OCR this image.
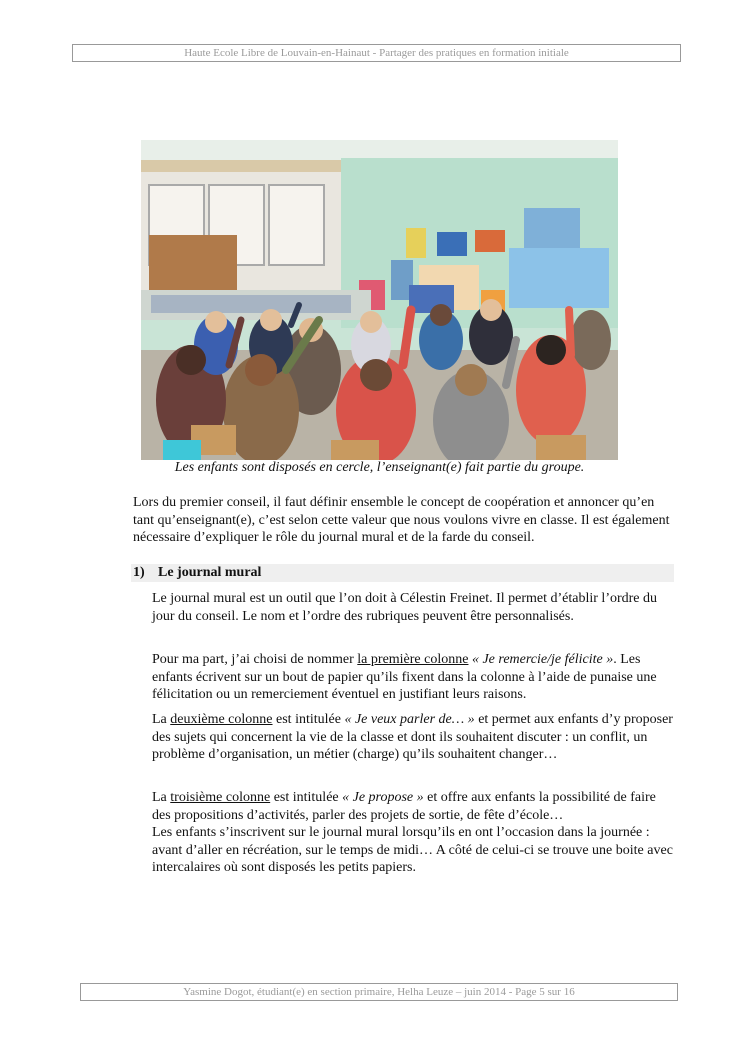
Haute Ecole Libre de Louvain-en-Hainaut - Partager des pratiques en formation initiale
Les enfants sont disposés en cercle, l’enseignant(e) fait partie du groupe.
Lors du premier conseil, il faut définir ensemble le concept de coopération et annoncer qu’en tant qu’enseignant(e), c’est selon cette valeur que nous voulons vivre en classe. Il est également nécessaire d’expliquer le rôle du journal mural et de la farde du conseil.
1) Le journal mural
Le journal mural est un outil que l’on doit à Célestin Freinet. Il permet d’établir l’ordre du jour du conseil. Le nom et l’ordre des rubriques peuvent être personnalisés.
Pour ma part, j’ai choisi de nommer la première colonne « Je remercie/je félicite ». Les enfants écrivent sur un bout de papier qu’ils fixent dans la colonne à l’aide de punaise une félicitation ou un remerciement éventuel en justifiant leurs raisons.
La deuxième colonne est intitulée « Je veux parler de… » et permet aux enfants d’y proposer des sujets qui concernent la vie de la classe et dont ils souhaitent discuter : un conflit, un problème d’organisation, un métier (charge) qu’ils souhaitent changer…
La troisième colonne est intitulée « Je propose » et offre aux enfants la possibilité de faire des propositions d’activités, parler des projets de sortie, de fête d’école…
Les enfants s’inscrivent sur le journal mural lorsqu’ils en ont l’occasion dans la journée : avant d’aller en récréation, sur le temps de midi… A côté de celui-ci se trouve une boite avec intercalaires où sont disposés les petits papiers.
Yasmine Dogot, étudiant(e) en section primaire, Helha Leuze – juin 2014 - Page 5 sur 16
